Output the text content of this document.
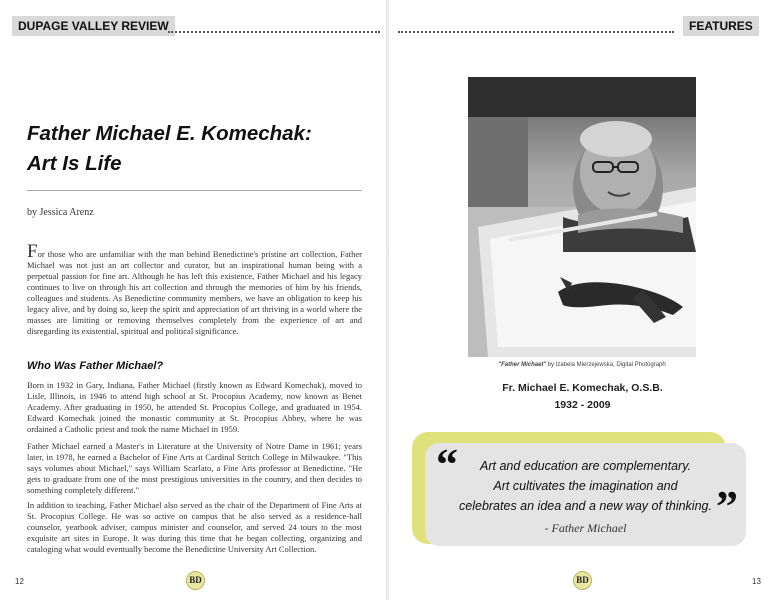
DUPAGE VALLEY REVIEW
Father Michael E. Komechak:
Art Is Life
by Jessica Arenz
For those who are unfamiliar with the man behind Benedictine's pristine art collection, Father Michael was not just an art collector and curator, but an inspirational human being with a perpetual passion for fine art. Although he has left this existence, Father Michael and his legacy continues to live on through his art collection and through the memories of him by his friends, colleagues and students. As Benedictine community members, we have an obligation to keep his legacy alive, and by doing so, keep the spirit and appreciation of art thriving in a world where the masses are limiting or removing themselves completely from the experience of art and disregarding its existential, spiritual and political significance.
Who Was Father Michael?
Born in 1932 in Gary, Indiana, Father Michael (firstly known as Edward Komechak), moved to Lisle, Illinois, in 1946 to attend high school at St. Procopius Academy, now known as Benet Academy. After graduating in 1950, he attended St. Procopius College, and graduated in 1954. Edward Komechak joined the monastic community at St. Procopius Abbey, where he was ordained a Catholic priest and took the name Michael in 1959.
Father Michael earned a Master's in Literature at the University of Notre Dame in 1961; years later, in 1978, he earned a Bachelor of Fine Arts at Cardinal Stritch College in Milwaukee. "This says volumes about Michael," says William Scarlato, a Fine Arts professor at Benedictine. "He gets to graduate from one of the most prestigious universities in the country, and then decides to something completely different."
In addition to teaching, Father Michael also served as the chair of the Department of Fine Arts at St. Procopius College. He was so active on campus that he also served as a residence-hall counselor, yearbook adviser, campus minister and counselor, and served 24 tours to the most exquisite art sites in Europe. It was during this time that he began collecting, organizing and cataloging what would eventually become the Benedictine University Art Collection.
12	BD
FEATURES
"Father Michael" by Izabela Mierzejewska, Digital Photograph
Fr. Michael E. Komechak, O.S.B.
1932 - 2009
“	Art and education are complementary.
Art cultivates the imagination and
celebrates an idea and a new way of thinking. ”
- Father Michael
BD	13
